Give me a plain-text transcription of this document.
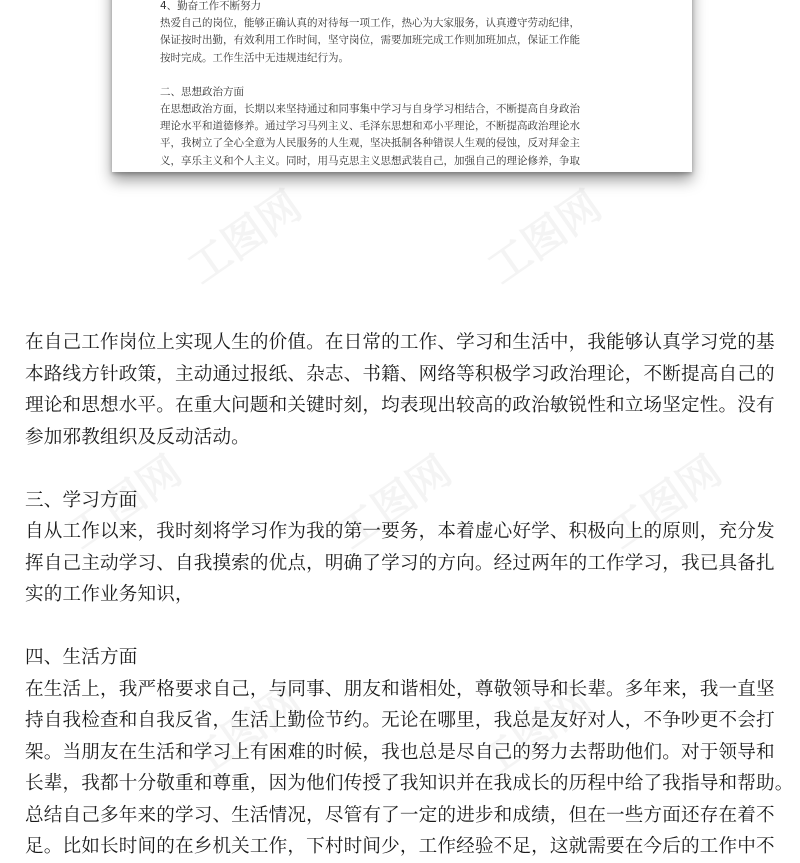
4、勤奋工作不断努力
热爱自己的岗位，能够正确认真的对待每一项工作，热心为大家服务，认真遵守劳动纪律，
保证按时出勤，有效利用工作时间，坚守岗位，需要加班完成工作则加班加点，保证工作能
按时完成。工作生活中无违规违纪行为。
二、思想政治方面
在思想政治方面，长期以来坚持通过和同事集中学习与自身学习相结合，不断提高自身政治
理论水平和道德修养。通过学习马列主义、毛泽东思想和邓小平理论，不断提高政治理论水
平，我树立了全心全意为人民服务的人生观，坚决抵制各种错误人生观的侵蚀，反对拜金主
义，享乐主义和个人主义。同时，用马克思主义思想武装自己，加强自己的理论修养，争取
在自己工作岗位上实现人生的价值。在日常的工作、学习和生活中，我能够认真学习党的基
本路线方针政策，主动通过报纸、杂志、书籍、网络等积极学习政治理论，不断提高自己的
理论和思想水平。在重大问题和关键时刻，均表现出较高的政治敏锐性和立场坚定性。没有
参加邪教组织及反动活动。
三、学习方面
自从工作以来，我时刻将学习作为我的第一要务，本着虚心好学、积极向上的原则，充分发
挥自己主动学习、自我摸索的优点，明确了学习的方向。经过两年的工作学习，我已具备扎
实的工作业务知识，
四、生活方面
在生活上，我严格要求自己，与同事、朋友和谐相处，尊敬领导和长辈。多年来，我一直坚
持自我检查和自我反省，生活上勤俭节约。无论在哪里，我总是友好对人，不争吵更不会打
架。当朋友在生活和学习上有困难的时候，我也总是尽自己的努力去帮助他们。对于领导和
长辈，我都十分敬重和尊重，因为他们传授了我知识并在我成长的历程中给了我指导和帮助。
总结自己多年来的学习、生活情况，尽管有了一定的进步和成绩，但在一些方面还存在着不
足。比如长时间的在乡机关工作，下村时间少，工作经验不足，这就需要在今后的工作中不
